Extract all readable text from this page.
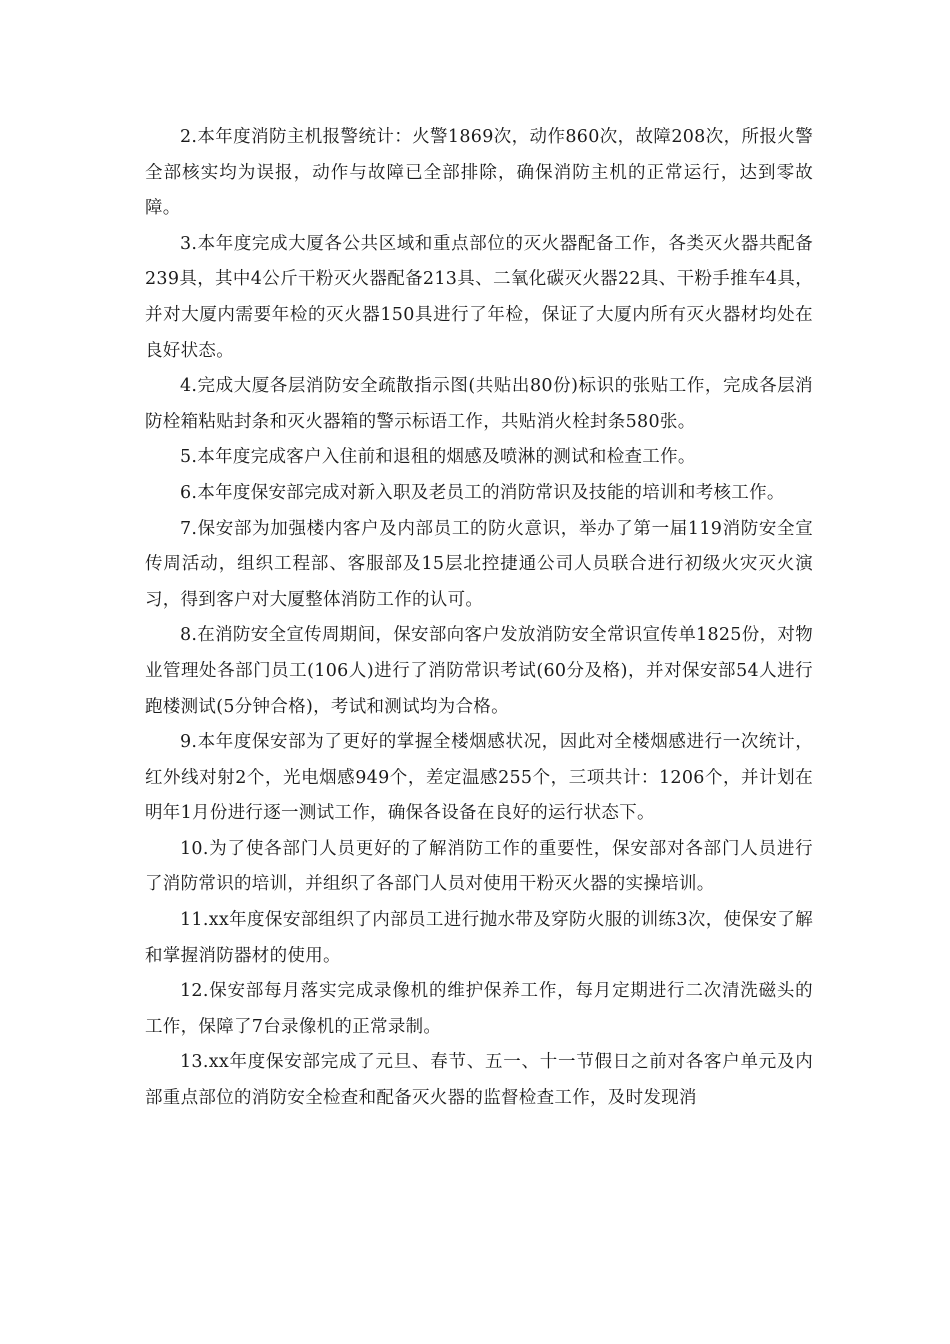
2.本年度消防主机报警统计：火警1869次，动作860次，故障208次，所报火警全部核实均为误报，动作与故障已全部排除，确保消防主机的正常运行，达到零故障。

3.本年度完成大厦各公共区域和重点部位的灭火器配备工作，各类灭火器共配备239具，其中4公斤干粉灭火器配备213具、二氧化碳灭火器22具、干粉手推车4具，并对大厦内需要年检的灭火器150具进行了年检，保证了大厦内所有灭火器材均处在良好状态。

4.完成大厦各层消防安全疏散指示图(共贴出80份)标识的张贴工作，完成各层消防栓箱粘贴封条和灭火器箱的警示标语工作，共贴消火栓封条580张。

5.本年度完成客户入住前和退租的烟感及喷淋的测试和检查工作。

6.本年度保安部完成对新入职及老员工的消防常识及技能的培训和考核工作。

7.保安部为加强楼内客户及内部员工的防火意识，举办了第一届119消防安全宣传周活动，组织工程部、客服部及15层北控捷通公司人员联合进行初级火灾灭火演习，得到客户对大厦整体消防工作的认可。

8.在消防安全宣传周期间，保安部向客户发放消防安全常识宣传单1825份，对物业管理处各部门员工(106人)进行了消防常识考试(60分及格)，并对保安部54人进行跑楼测试(5分钟合格)，考试和测试均为合格。

9.本年度保安部为了更好的掌握全楼烟感状况，因此对全楼烟感进行一次统计，红外线对射2个，光电烟感949个，差定温感255个，三项共计：1206个，并计划在明年1月份进行逐一测试工作，确保各设备在良好的运行状态下。

10.为了使各部门人员更好的了解消防工作的重要性，保安部对各部门人员进行了消防常识的培训，并组织了各部门人员对使用干粉灭火器的实操培训。

11.xx年度保安部组织了内部员工进行抛水带及穿防火服的训练3次，使保安了解和掌握消防器材的使用。

12.保安部每月落实完成录像机的维护保养工作，每月定期进行二次清洗磁头的工作，保障了7台录像机的正常录制。

13.xx年度保安部完成了元旦、春节、五一、十一节假日之前对各客户单元及内部重点部位的消防安全检查和配备灭火器的监督检查工作，及时发现消
